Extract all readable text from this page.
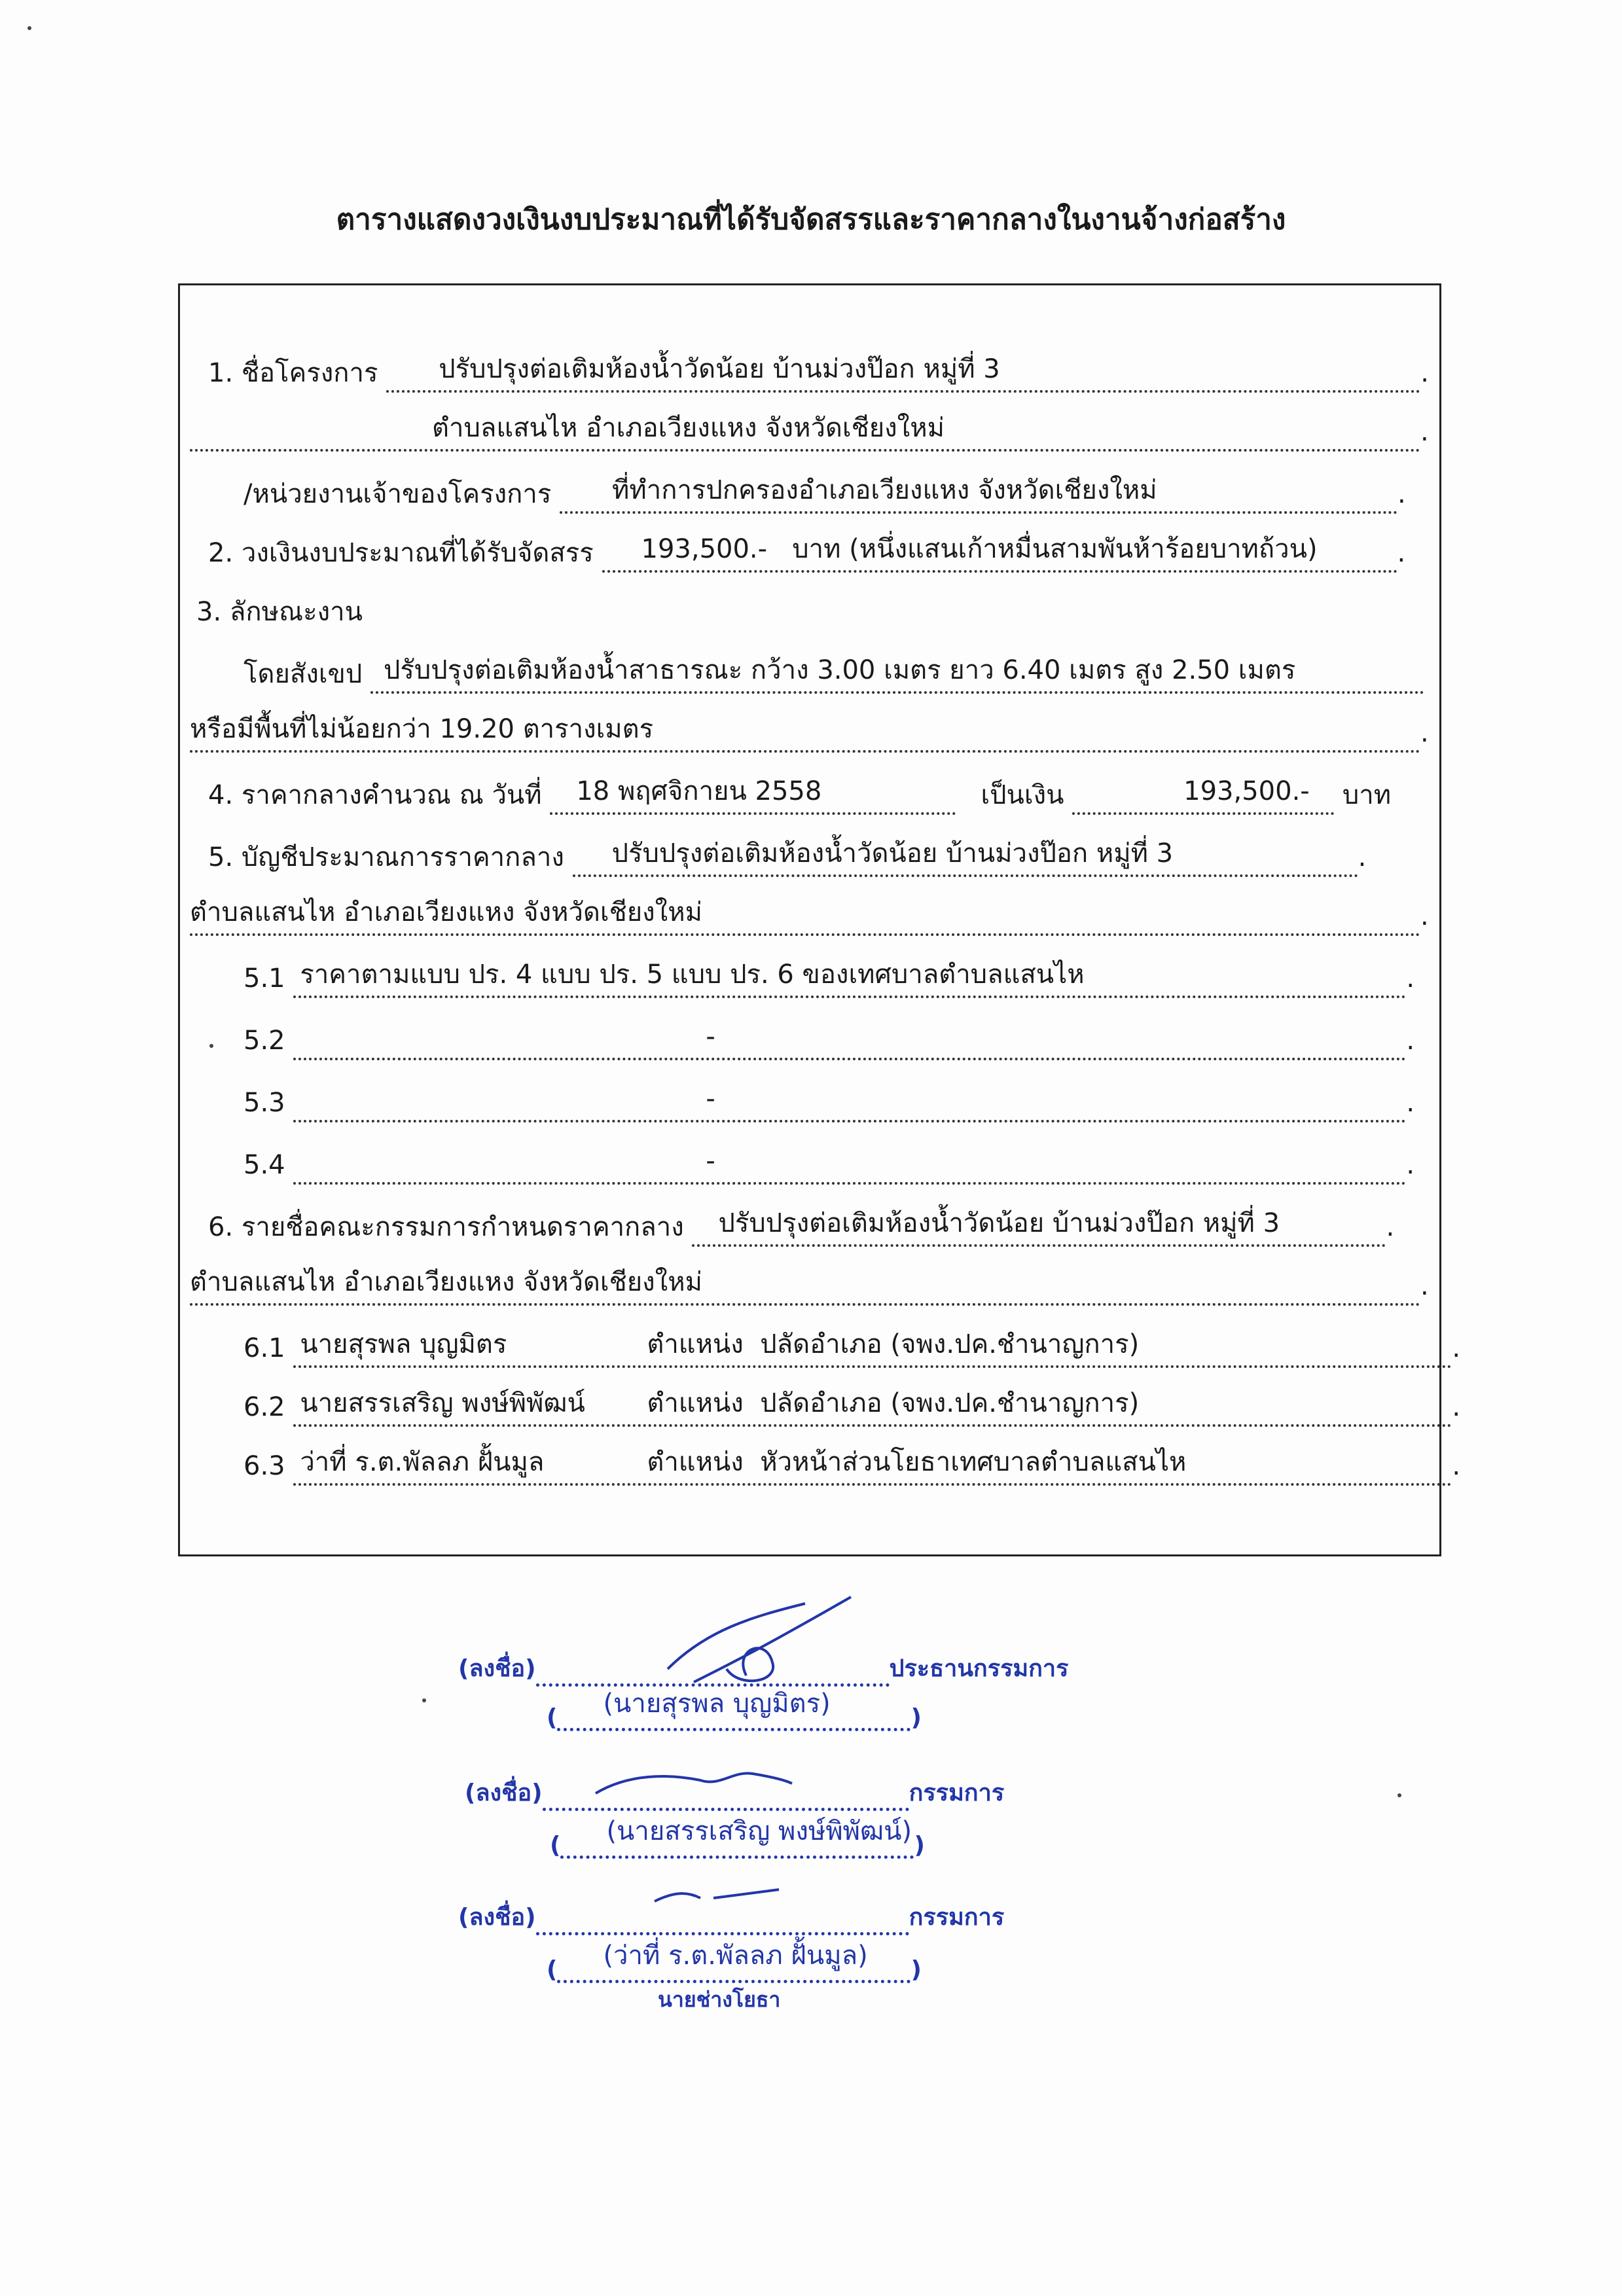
ตารางแสดงวงเงินงบประมาณที่ได้รับจัดสรรและราคากลางในงานจ้างก่อสร้าง
1. ชื่อโครงการ ปรับปรุงต่อเติมห้องน้ำวัดน้อย บ้านม่วงป๊อก หมู่ที่ 3	.
ตำบลแสนไห อำเภอเวียงแหง จังหวัดเชียงใหม่	.
/หน่วยงานเจ้าของโครงการ ที่ทำการปกครองอำเภอเวียงแหง จังหวัดเชียงใหม่	.
2. วงเงินงบประมาณที่ได้รับจัดสรร 193,500.- บาท (หนึ่งแสนเก้าหมื่นสามพันห้าร้อยบาทถ้วน)	.
3. ลักษณะงาน
โดยสังเขป ปรับปรุงต่อเติมห้องน้ำสาธารณะ กว้าง 3.00 เมตร ยาว 6.40 เมตร สูง 2.50 เมตร
หรือมีพื้นที่ไม่น้อยกว่า 19.20 ตารางเมตร	.
4. ราคากลางคำนวณ ณ วันที่ 18 พฤศจิกายน 2558	เป็นเงิน	193,500.- บาท
5. บัญชีประมาณการราคากลาง ปรับปรุงต่อเติมห้องน้ำวัดน้อย บ้านม่วงป๊อก หมู่ที่ 3	.
ตำบลแสนไห อำเภอเวียงแหง จังหวัดเชียงใหม่	.
5.1 ราคาตามแบบ ปร. 4 แบบ ปร. 5 แบบ ปร. 6 ของเทศบาลตำบลแสนไห	.
5.2	-	.
5.3	-	.
5.4	-	.
6. รายชื่อคณะกรรมการกำหนดราคากลาง ปรับปรุงต่อเติมห้องน้ำวัดน้อย บ้านม่วงป๊อก หมู่ที่ 3	.
ตำบลแสนไห อำเภอเวียงแหง จังหวัดเชียงใหม่	.
6.1 นายสุรพล บุญมิตร	ตำแหน่ง ปลัดอำเภอ (จพง.ปค.ชำนาญการ)	.
6.2 นายสรรเสริญ พงษ์พิพัฒน์ ตำแหน่ง ปลัดอำเภอ (จพง.ปค.ชำนาญการ)	.
6.3 ว่าที่ ร.ต.พัลลภ ฝั้นมูล	ตำแหน่ง หัวหน้าส่วนโยธาเทศบาลตำบลแสนไห	.
(ลงชื่อ)	ประธานกรรมการ
( (นายสุรพล บุญมิตร)	)
(ลงชื่อ)	กรรมการ
( (นายสรรเสริญ พงษ์พิพัฒน์) )
(ลงชื่อ)	กรรมการ
( (ว่าที่ ร.ต.พัลลภ ฝั้นมูล) )
นายช่างโยธา
